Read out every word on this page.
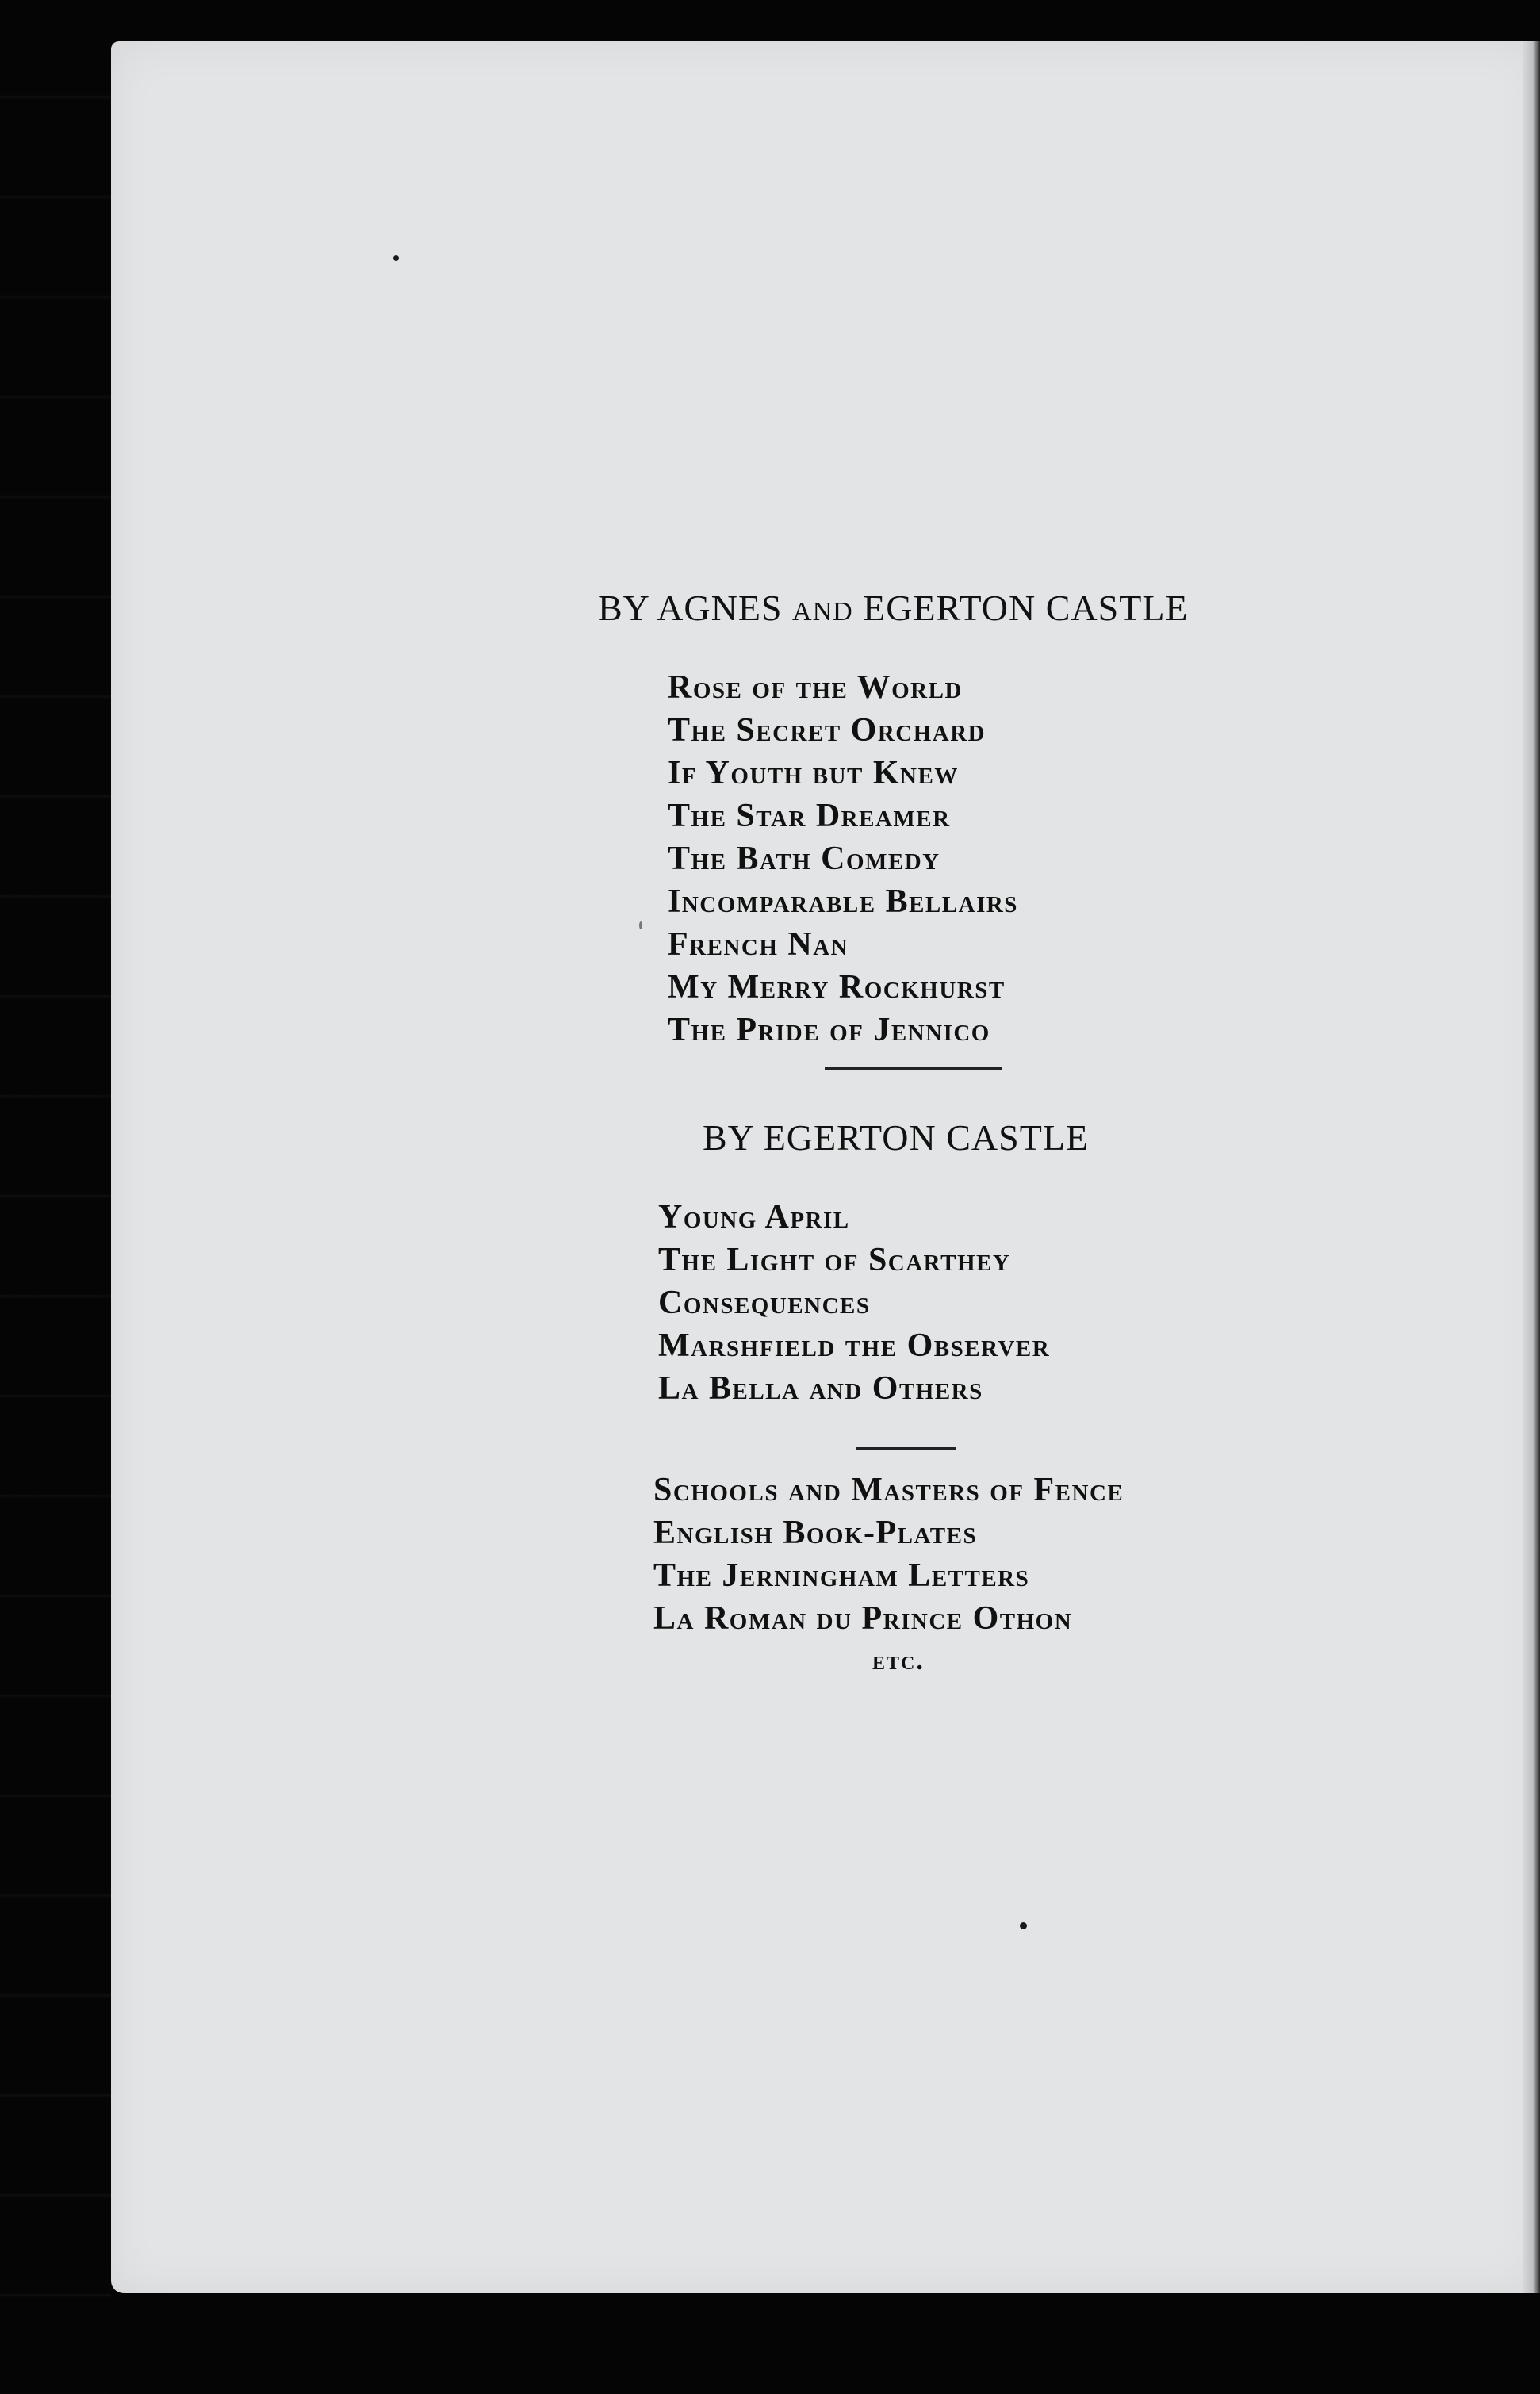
BY AGNES AND EGERTON CASTLE
Rose of the World
The Secret Orchard
If Youth but Knew
The Star Dreamer
The Bath Comedy
Incomparable Bellairs
French Nan
My Merry Rockhurst
The Pride of Jennico
BY EGERTON CASTLE
Young April
The Light of Scarthey
Consequences
Marshfield the Observer
La Bella and Others
Schools and Masters of Fence
English Book-Plates
The Jerningham Letters
La Roman du Prince Othon
etc.
